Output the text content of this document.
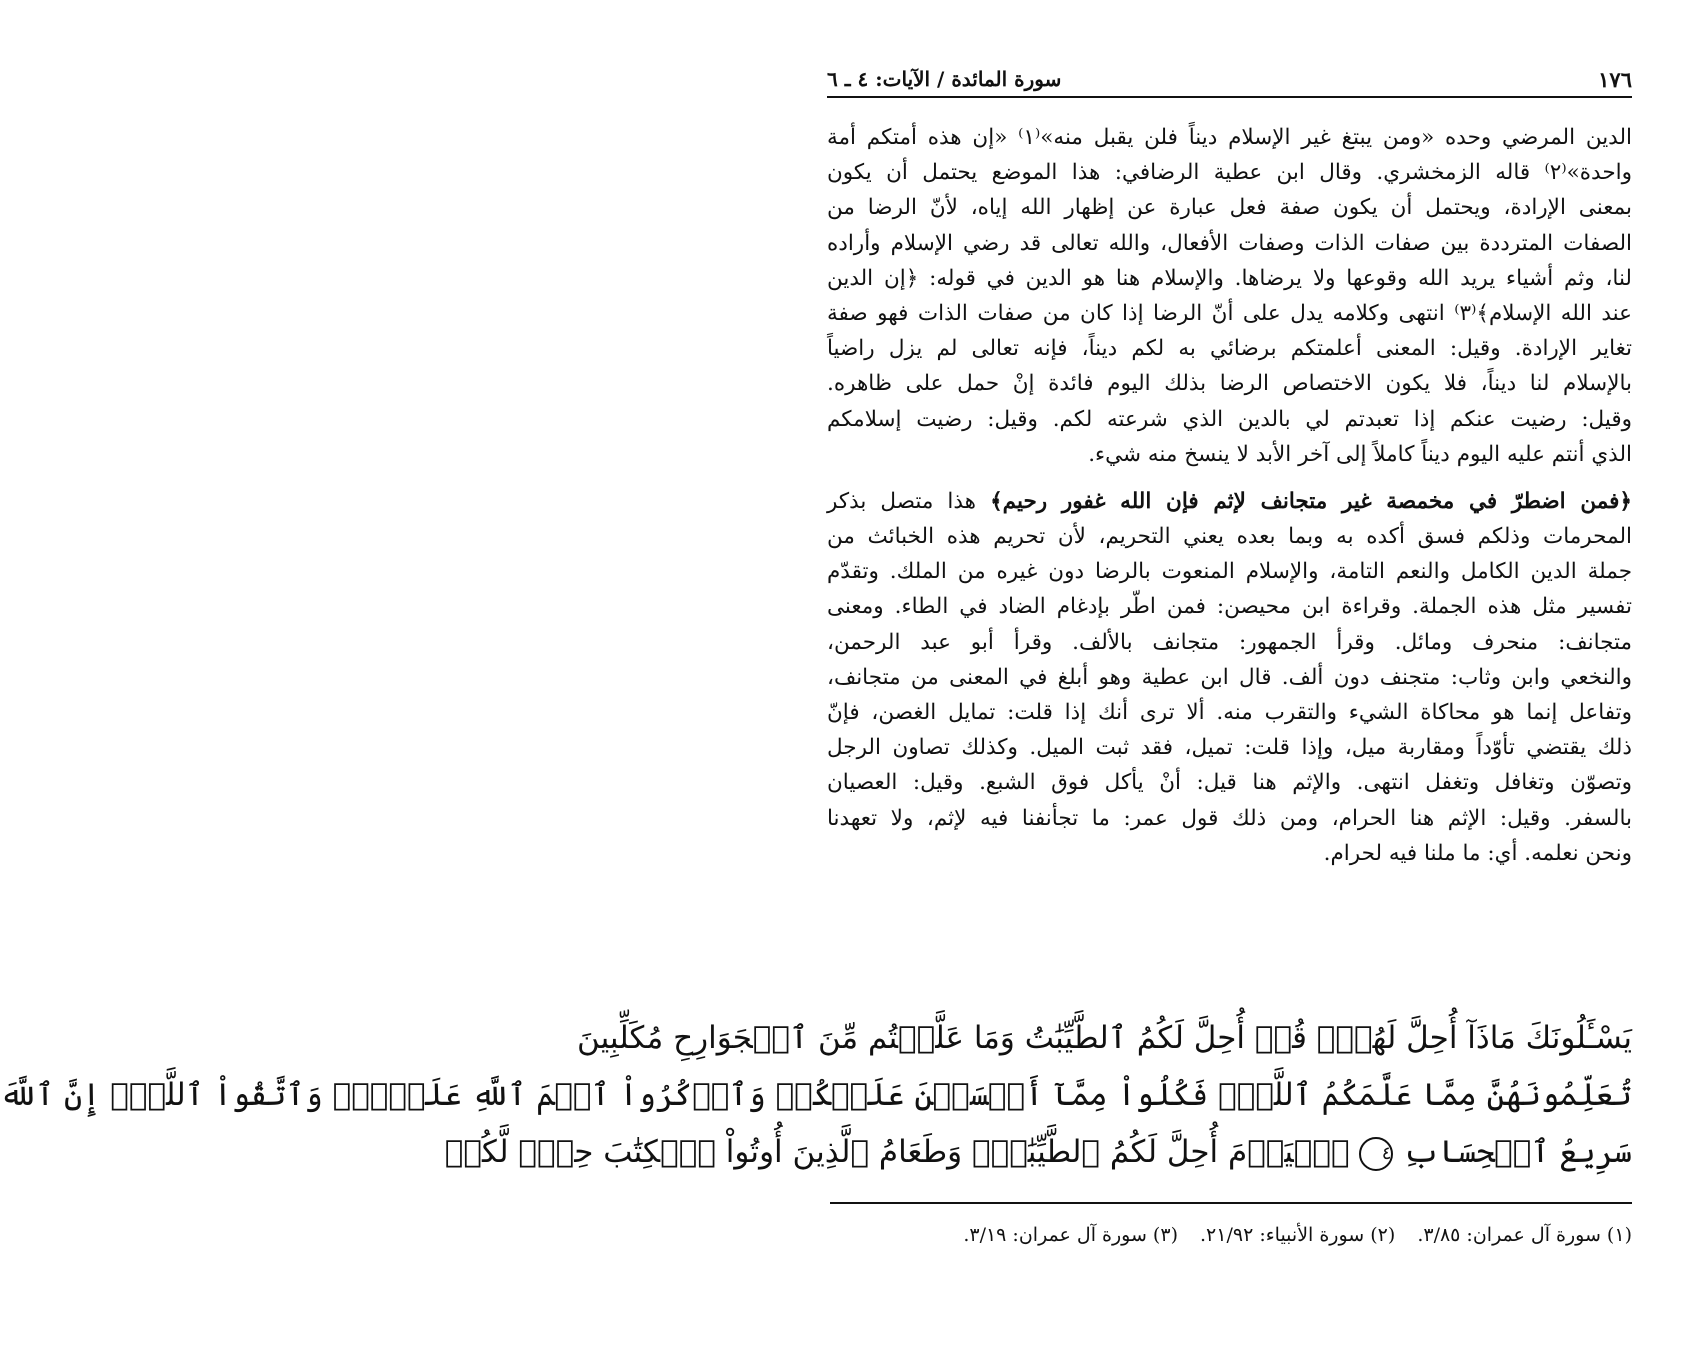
١٧٦
سورة المائدة / الآيات: ٤ ـ ٦
الدين المرضي وحده «ومن يبتغ غير الإسلام ديناً فلن يقبل منه»⁽١⁾ «إن هذه أمتكم أمة
واحدة»⁽٢⁾ قاله الزمخشري. وقال ابن عطية الرضافي: هذا الموضع يحتمل أن يكون
بمعنى الإرادة، ويحتمل أن يكون صفة فعل عبارة عن إظهار الله إياه، لأنّ الرضا من
الصفات المترددة بين صفات الذات وصفات الأفعال، والله تعالى قد رضي الإسلام وأراده
لنا، وثم أشياء يريد الله وقوعها ولا يرضاها. والإسلام هنا هو الدين في قوله: ﴿إن الدين
عند الله الإسلام﴾⁽٣⁾ انتهى وكلامه يدل على أنّ الرضا إذا كان من صفات الذات فهو صفة
تغاير الإرادة. وقيل: المعنى أعلمتكم برضائي به لكم ديناً، فإنه تعالى لم يزل راضياً
بالإسلام لنا ديناً، فلا يكون الاختصاص الرضا بذلك اليوم فائدة إنْ حمل على ظاهره.
وقيل: رضيت عنكم إذا تعبدتم لي بالدين الذي شرعته لكم. وقيل: رضيت إسلامكم
الذي أنتم عليه اليوم ديناً كاملاً إلى آخر الأبد لا ينسخ منه شيء.
﴿فمن اضطرّ في مخمصة غير متجانف لإثم فإن الله غفور رحيم﴾ هذا متصل بذكر
المحرمات وذلكم فسق أكده به وبما بعده يعني التحريم، لأن تحريم هذه الخبائث من
جملة الدين الكامل والنعم التامة، والإسلام المنعوت بالرضا دون غيره من الملك. وتقدّم
تفسير مثل هذه الجملة. وقراءة ابن محيصن: فمن اطّر بإدغام الضاد في الطاء. ومعنى
متجانف: منحرف ومائل. وقرأ الجمهور: متجانف بالألف. وقرأ أبو عبد الرحمن،
والنخعي وابن وثاب: متجنف دون ألف. قال ابن عطية وهو أبلغ في المعنى من متجانف،
وتفاعل إنما هو محاكاة الشيء والتقرب منه. ألا ترى أنك إذا قلت: تمايل الغصن، فإنّ
ذلك يقتضي تأوّداً ومقاربة ميل، وإذا قلت: تميل، فقد ثبت الميل. وكذلك تصاون الرجل
وتصوّن وتغافل وتغفل انتهى. والإثم هنا قيل: أنْ يأكل فوق الشبع. وقيل: العصيان
بالسفر. وقيل: الإثم هنا الحرام، ومن ذلك قول عمر: ما تجأنفنا فيه لإثم، ولا تعهدنا
ونحن نعلمه. أي: ما ملنا فيه لحرام.
يَسْـَٔلُونَكَ مَاذَآ أُحِلَّ لَهُمْۖ قُلۡ أُحِلَّ لَكُمُ ٱلطَّيِّبَٰتُ وَمَا عَلَّمۡتُم مِّنَ ٱلۡجَوَارِحِ مُكَلِّبِينَ
تُعَلِّمُونَهُنَّ مِمَّا عَلَّمَكُمُ ٱللَّهُۖ فَكُلُواْ مِمَّآ أَمۡسَكۡنَ عَلَيۡكُمۡ وَٱذۡكُرُواْ ٱسۡمَ ٱللَّهِ عَلَيۡهِۖ وَٱتَّقُواْ ٱللَّهَۚ إِنَّ ٱللَّهَ
سَرِيعُ ٱلۡحِسَابِ ٤ ٱلۡيَوۡمَ أُحِلَّ لَكُمُ ٱلطَّيِّبَٰتُۖ وَطَعَامُ ٱلَّذِينَ أُوتُواْ ٱلۡكِتَٰبَ حِلّٞ لَّكُمۡ
(١) سورة آل عمران: ٣/٨٥.
(٢) سورة الأنبياء: ٢١/٩٢.
(٣) سورة آل عمران: ٣/١٩.
